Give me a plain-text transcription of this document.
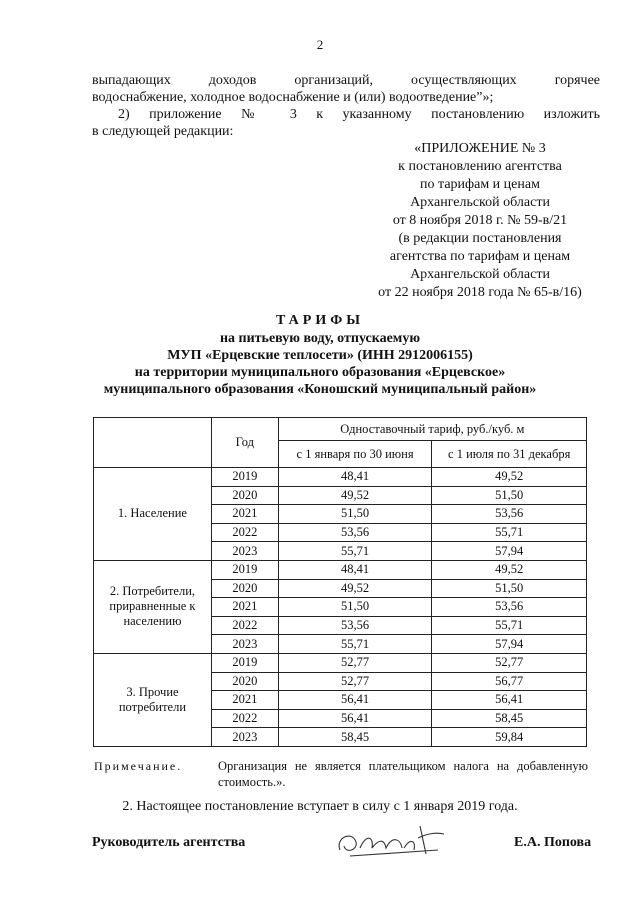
2
выпадающих доходов организаций, осуществляющих горячее
водоснабжение, холодное водоснабжение и (или) водоотведение”»;
2) приложение № 3 к указанному постановлению изложить
в следующей редакции:
«ПРИЛОЖЕНИЕ № 3
к постановлению агентства
по тарифам и ценам
Архангельской области
от 8 ноября 2018 г. № 59-в/21
(в редакции постановления
агентства по тарифам и ценам
Архангельской области
от 22 ноября 2018 года № 65-в/16)
ТАРИФЫ
на питьевую воду, отпускаемую
МУП «Ерцевские теплосети» (ИНН 2912006155)
на территории муниципального образования «Ерцевское»
муниципального образования «Коношский муниципальный район»
	Год	Одноставочный тариф, руб./куб. м	
		с 1 января по 30 июня	с 1 июля по 31 декабря
1. Население	2019	48,41	49,52
	2020	49,52	51,50
	2021	51,50	53,56
	2022	53,56	55,71
	2023	55,71	57,94
2. Потребители, приравненные к населению	2019	48,41	49,52
	2020	49,52	51,50
	2021	51,50	53,56
	2022	53,56	55,71
	2023	55,71	57,94
3. Прочие потребители	2019	52,77	52,77
	2020	52,77	56,77
	2021	56,41	56,41
	2022	56,41	58,45
	2023	58,45	59,84
Примечание.	Организация не является плательщиком налога на добавленную стоимость.».
2. Настоящее постановление вступает в силу с 1 января 2019 года.
Руководитель агентства	Е.А. Попова
